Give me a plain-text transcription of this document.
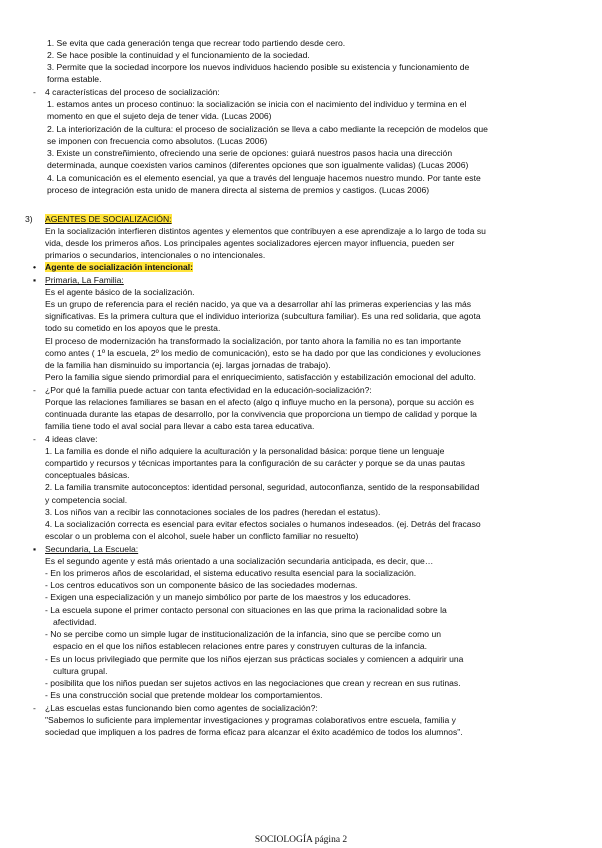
1. Se evita que cada generación tenga que recrear todo partiendo desde cero.
2. Se hace posible la continuidad y el funcionamiento de la sociedad.
3. Permite que la sociedad incorpore los nuevos individuos haciendo posible su existencia y funcionamiento de
forma estable.
- 4 características del proceso de socialización:
1. estamos antes un proceso continuo: la socialización se inicia con el nacimiento del individuo y termina en el
momento en que el sujeto deja de tener vida. (Lucas 2006)
2. La interiorización de la cultura: el proceso de socialización se lleva a cabo mediante la recepción de modelos que
se imponen con frecuencia como absolutos. (Lucas 2006)
3. Existe un constreñimiento, ofreciendo una serie de opciones: guiará nuestros pasos hacia una dirección
determinada, aunque coexisten varios caminos (diferentes opciones que son igualmente validas) (Lucas 2006)
4. La comunicación es el elemento esencial, ya que a través del lenguaje hacemos nuestro mundo. Por tante este
proceso de integración esta unido de manera directa al sistema de premios y castigos. (Lucas 2006)
3) AGENTES DE SOCIALIZACIÓN:
En la socialización interfieren distintos agentes y elementos que contribuyen a ese aprendizaje a lo largo de toda su
vida, desde los primeros años. Los principales agentes socializadores ejercen mayor influencia, pueden ser
primarios o secundarios, intencionales o no intencionales.
• Agente de socialización intencional:
▪ Primaria, La Familia:
Es el agente básico de la socialización.
Es un grupo de referencia para el recién nacido, ya que va a desarrollar ahí las primeras experiencias y las más
significativas. Es la primera cultura que el individuo interioriza (subcultura familiar). Es una red solidaria, que agota
todo su cometido en los apoyos que le presta.
El proceso de modernización ha transformado la socialización, por tanto ahora la familia no es tan importante
como antes ( 1º la escuela, 2º los medio de comunicación), esto se ha dado por que las condiciones y evoluciones
de la familia han disminuido su importancia (ej. largas jornadas de trabajo).
Pero la familia sigue siendo primordial para el enriquecimiento, satisfacción y estabilización emocional del adulto.
- ¿Por qué la familia puede actuar con tanta efectividad en la educación-socialización?:
Porque las relaciones familiares se basan en el afecto (algo q influye mucho en la persona), porque su acción es
continuada durante las etapas de desarrollo, por la convivencia que proporciona un tiempo de calidad y porque la
familia tiene todo el aval social para llevar a cabo esta tarea educativa.
- 4 ideas clave:
1. La familia es donde el niño adquiere la aculturación y la personalidad básica: porque tiene un lenguaje
compartido y recursos y técnicas importantes para la configuración de su carácter y porque se da unas pautas
conceptuales básicas.
2. La familia transmite autoconceptos: identidad personal, seguridad, autoconfianza, sentido de la responsabilidad
y competencia social.
3. Los niños van a recibir las connotaciones sociales de los padres (heredan el estatus).
4. La socialización correcta es esencial para evitar efectos sociales o humanos indeseados. (ej. Detrás del fracaso
escolar o un problema con el alcohol, suele haber un conflicto familiar no resuelto)
▪ Secundaria, La Escuela:
Es el segundo agente y está más orientado a una socialización secundaria anticipada, es decir, que…
- En los primeros años de escolaridad, el sistema educativo resulta esencial para la socialización.
- Los centros educativos son un componente básico de las sociedades modernas.
- Exigen una especialización y un manejo simbólico por parte de los maestros y los educadores.
- La escuela supone el primer contacto personal con situaciones en las que prima la racionalidad sobre la
afectividad.
- No se percibe como un simple lugar de institucionalización de la infancia, sino que se percibe como un
espacio en el que los niños establecen relaciones entre pares y construyen culturas de la infancia.
- Es un locus privilegiado que permite que los niños ejerzan sus prácticas sociales y comiencen a adquirir una
cultura grupal.
- posibilita que los niños puedan ser sujetos activos en las negociaciones que crean y recrean en sus rutinas.
- Es una construcción social que pretende moldear los comportamientos.
- ¿Las escuelas estas funcionando bien como agentes de socialización?:
"Sabemos lo suficiente para implementar investigaciones y programas colaborativos entre escuela, familia y
sociedad que impliquen a los padres de forma eficaz para alcanzar el éxito académico de todos los alumnos".
SOCIOLOGÍA página 2
